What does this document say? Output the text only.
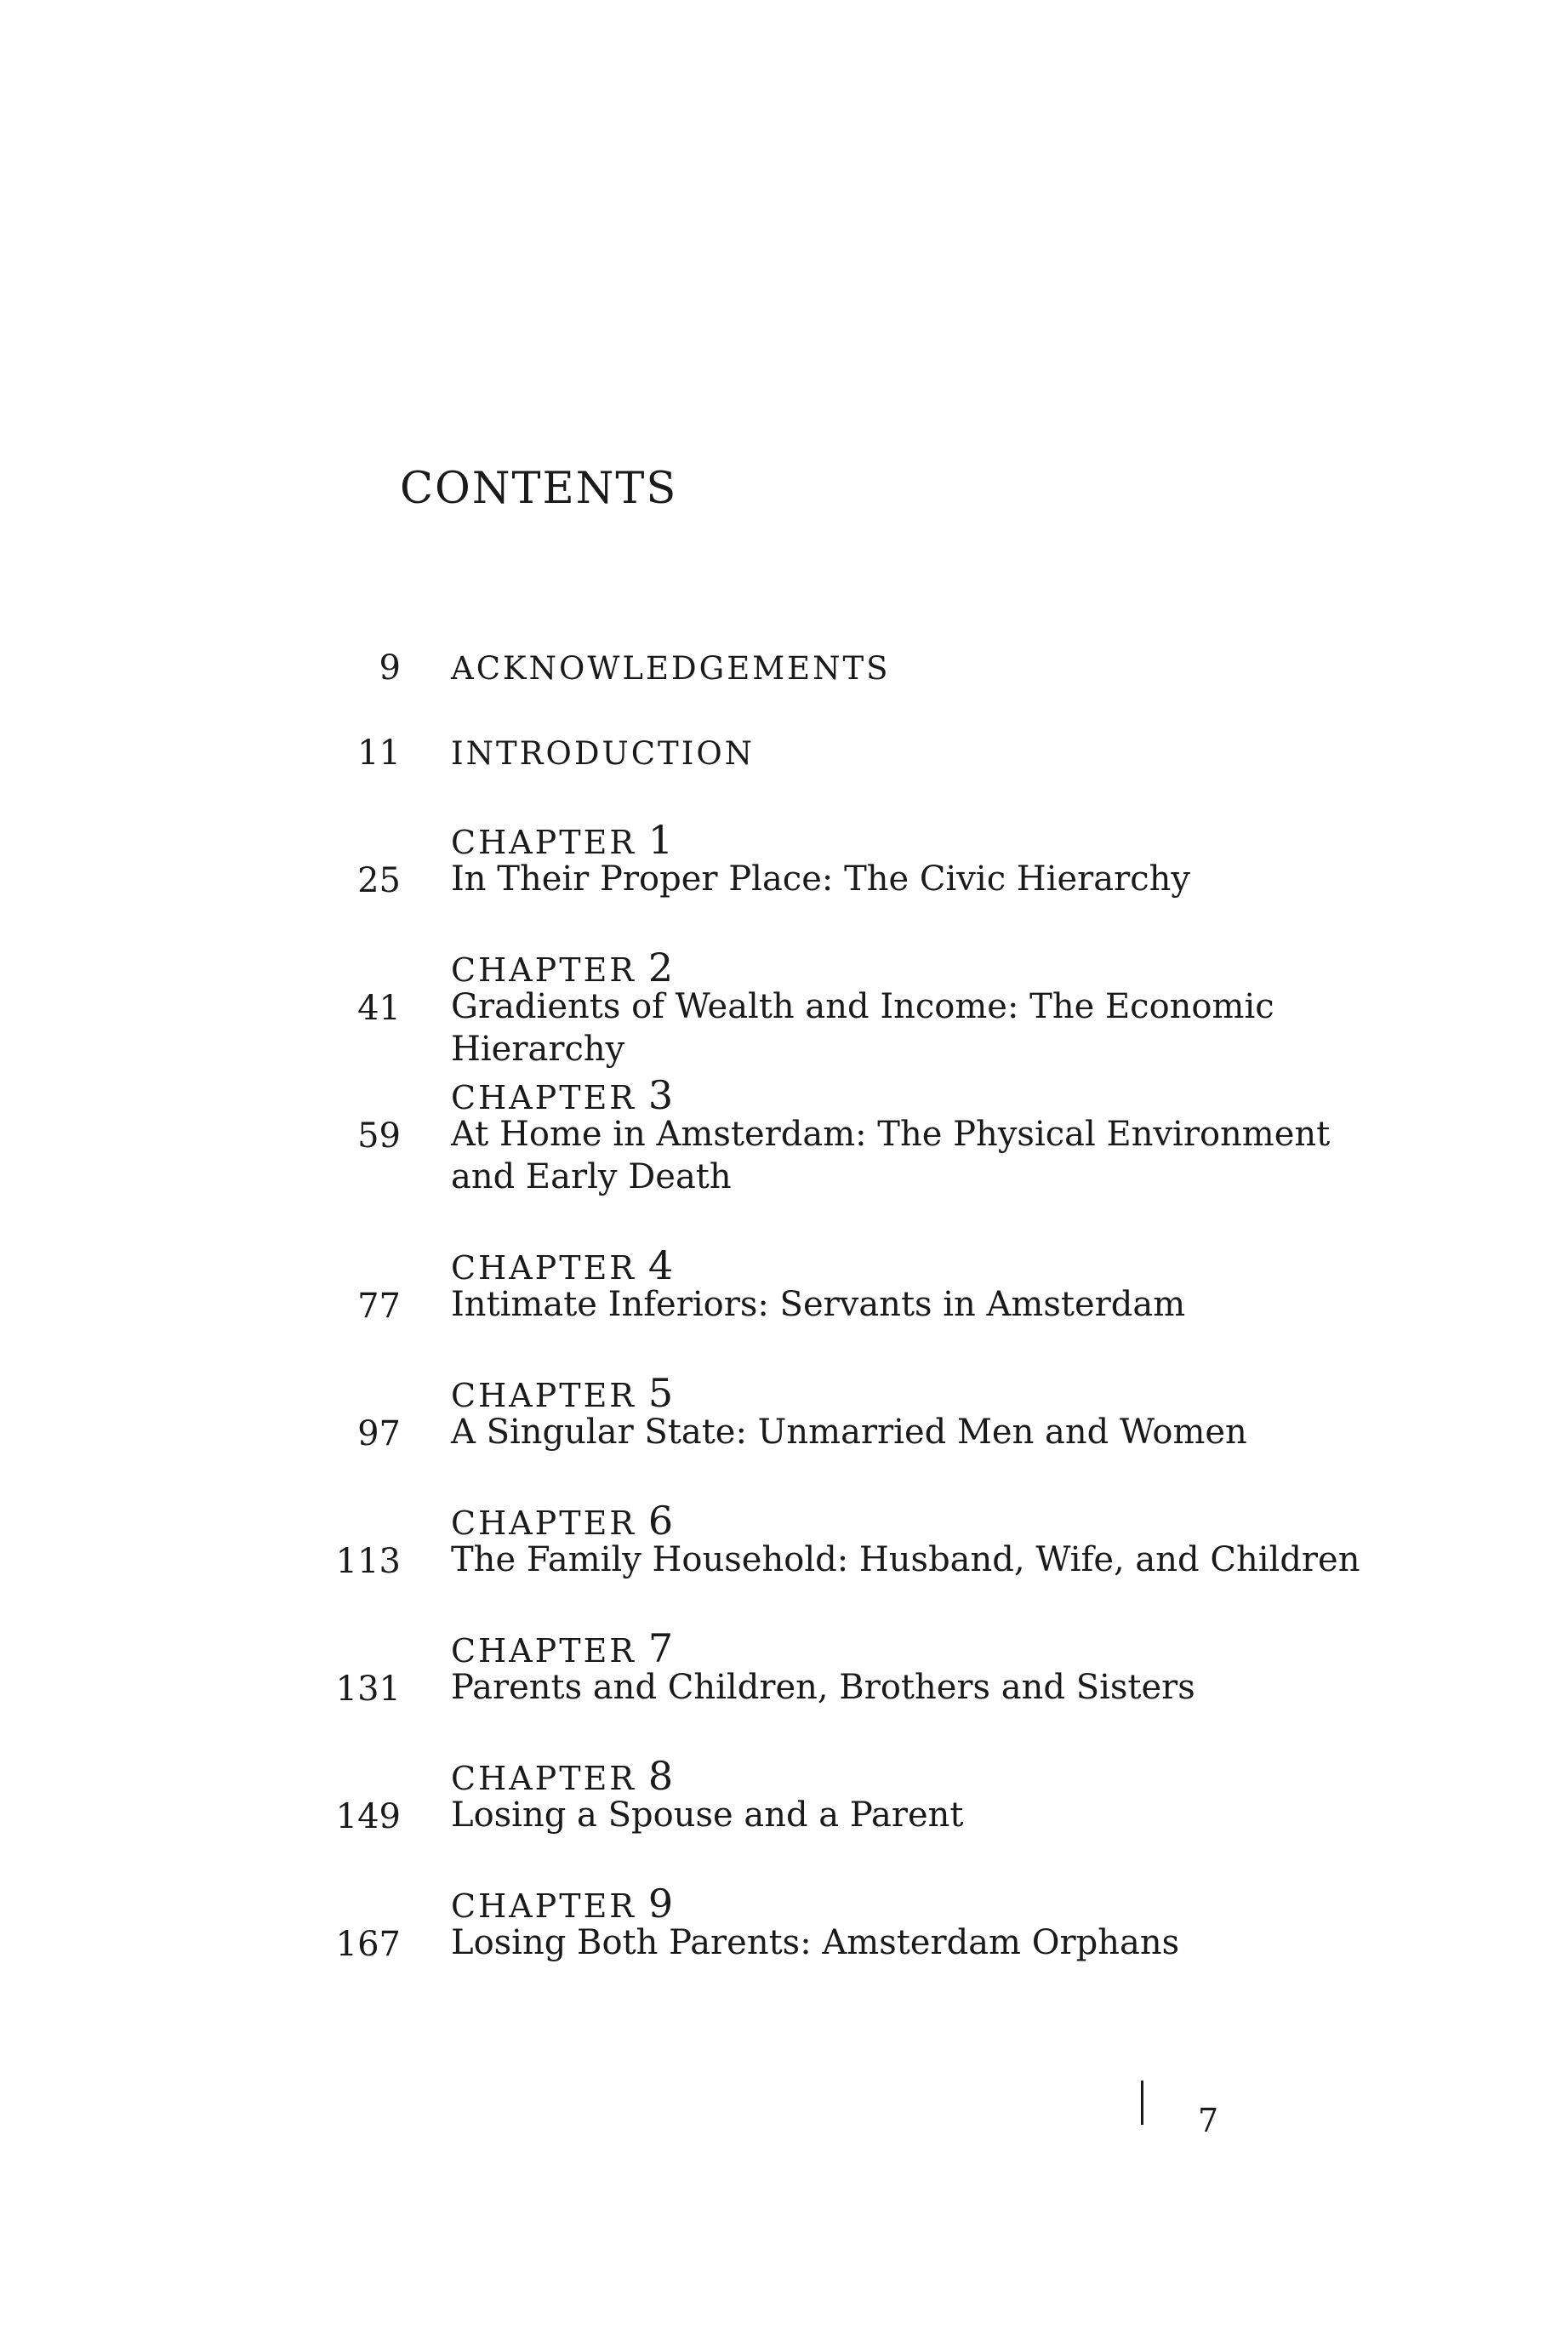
CONTENTS
9 ACKNOWLEDGEMENTS
11 INTRODUCTION
CHAPTER 1
25 In Their Proper Place: The Civic Hierarchy
CHAPTER 2
41 Gradients of Wealth and Income: The Economic Hierarchy
CHAPTER 3
59 At Home in Amsterdam: The Physical Environment and Early Death
CHAPTER 4
77 Intimate Inferiors: Servants in Amsterdam
CHAPTER 5
97 A Singular State: Unmarried Men and Women
CHAPTER 6
113 The Family Household: Husband, Wife, and Children
CHAPTER 7
131 Parents and Children, Brothers and Sisters
CHAPTER 8
149 Losing a Spouse and a Parent
CHAPTER 9
167 Losing Both Parents: Amsterdam Orphans
7
